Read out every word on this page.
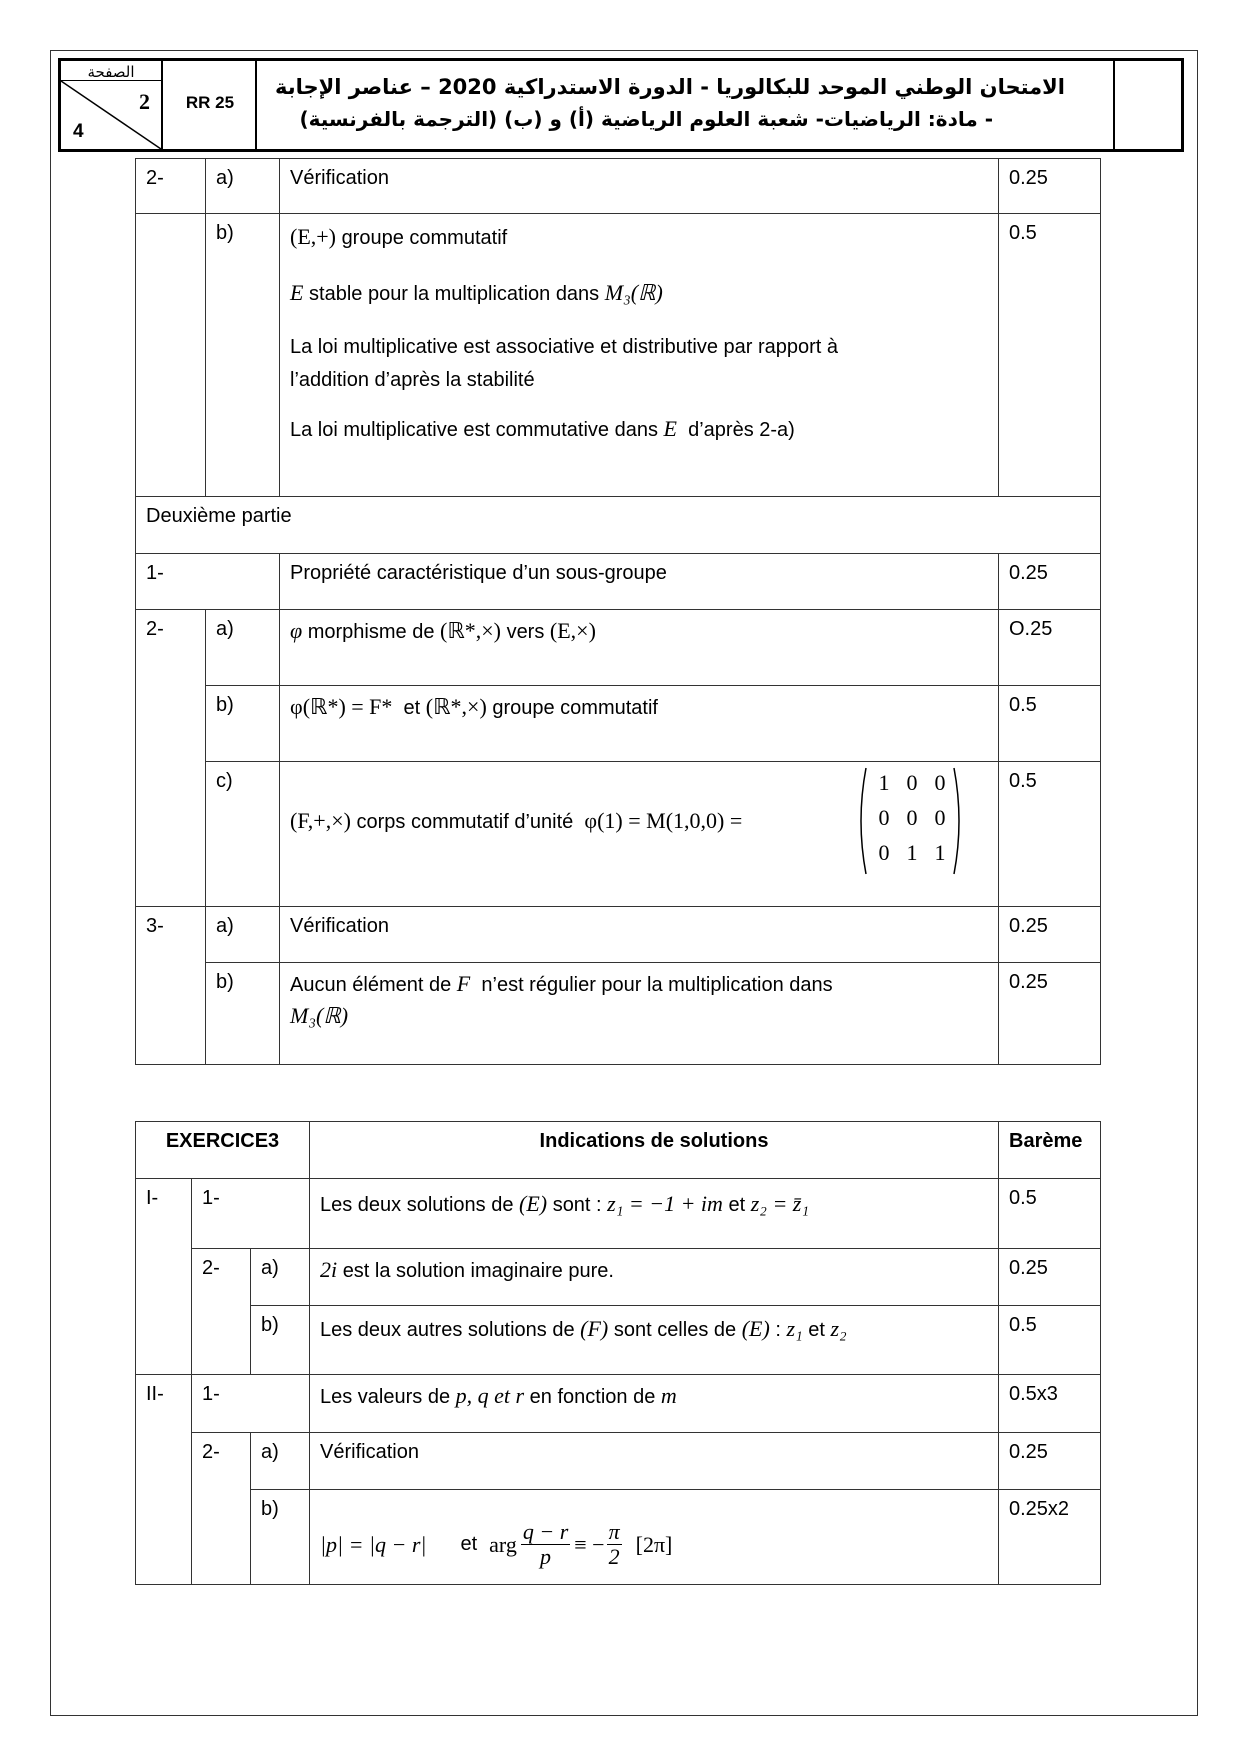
الصفحة
2
4
RR 25
الامتحان الوطني الموحد للبكالوريا - الدورة الاستدراكية 2020 – عناصر الإجابة
- مادة: الرياضيات- شعبة العلوم الرياضية (أ) و (ب) (الترجمة بالفرنسية)
2-	a)	Vérification	0.25
b)	(E,+) groupe commutatif
E stable pour la multiplication dans M₃(ℝ)
La loi multiplicative est associative et distributive par rapport à
l’addition d’après la stabilité
La loi multiplicative est commutative dans E d’après 2-a)
0.5
Deuxième partie
1-	Propriété caractéristique d’un sous-groupe	0.25
2-	a)	φ morphisme de (ℝ*,×) vers (E,×)	O.25
b)	φ(ℝ*) = F* et (ℝ*,×) groupe commutatif	0.5
c)
(F,+,×) corps commutatif d’unité φ(1) = M(1,0,0) =
1 0 0
0 0 0
0 1 1
0.5
3-	a)	Vérification	0.25
b)	Aucun élément de F n’est régulier pour la multiplication dans
M₃(ℝ)
0.25
EXERCICE3	Indications de solutions	Barème
I-	1-	Les deux solutions de (E) sont : z₁ = −1 + im et z₂ = z̄₁	0.5
2-	a)	2i est la solution imaginaire pure.	0.25
b)	Les deux autres solutions de (F) sont celles de (E) : z₁ et z₂	0.5
II-	1-	Les valeurs de p, q et r en fonction de m	0.5x3
2-	a)	Vérification	0.25
b)
|p| = |q − r| et arg $\frac{q - r}{p}$ ≡ − $\frac{\pi}{2} [2\pi]$
0.25x2
